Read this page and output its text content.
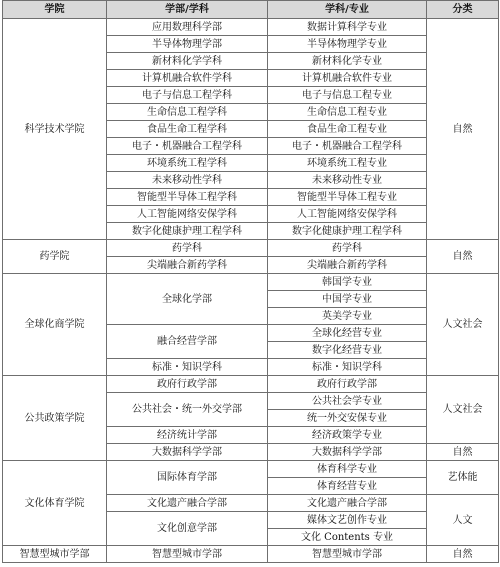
学院	学部/学科	学科/专业	分类
科学技术学院	应用数理科学部	数据计算科学专业	自然
	半导体物理学部	半导体物理学专业	
	新材料化学学科	新材料化学专业	
	计算机融合软件学科	计算机融合软件专业	
	电子与信息工程学科	电子与信息工程专业	
	生命信息工程学科	生命信息工程专业	
	食品生命工程学科	食品生命工程专业	
	电子・机器融合工程学科	电子・机器融合工程学科	
	环境系统工程学科	环境系统工程专业	
	未来移动性学科	未来移动性专业	
	智能型半导体工程学科	智能型半导体工程专业	
	人工智能网络安保学科	人工智能网络安保学科	
	数字化健康护理工程学科	数字化健康护理工程学科	
药学院	药学科	药学科	自然
	尖端融合新药学科	尖端融合新药学科	
全球化商学院	全球化学部	韩国学专业	人文社会
		中国学专业	
		英美学专业	
	融合经营学部	全球化经营专业	
		数字化经营专业	
	标准・知识学科	标准・知识学科	
公共政策学院	政府行政学部	政府行政学部	人文社会
	公共社会・统一外交学部	公共社会学专业	
		统一外交安保专业	
	经济统计学部	经济政策学专业	
	大数据科学学部	大数据科学学部	自然
文化体育学院	国际体育学部	体育科学专业	艺体能
		体育经营专业	
	文化遗产融合学部	文化遗产融合学部	人文
	文化创意学部	媒体文艺创作专业	
		文化 Contents 专业	
智慧型城市学部	智慧型城市学部	智慧型城市学部	自然
